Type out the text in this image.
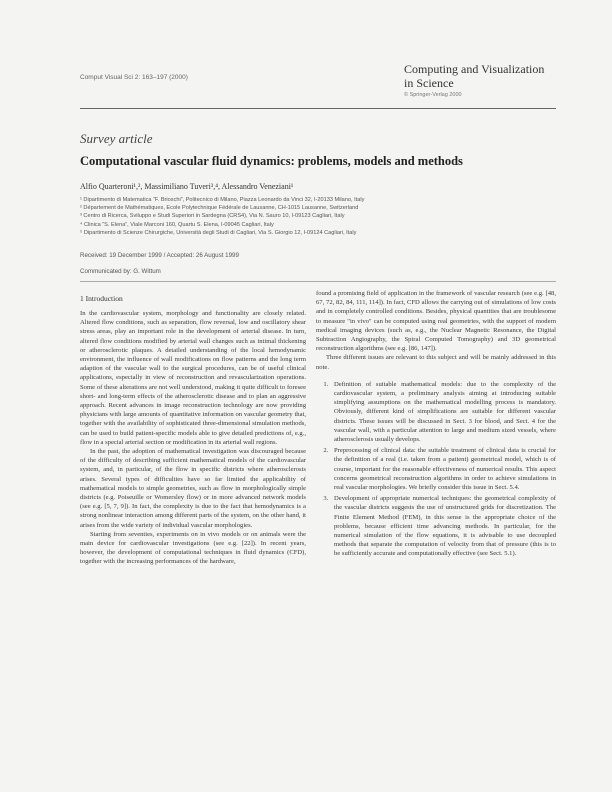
Comput Visual Sci 2: 163–197 (2000)
Computing and Visualization in Science
© Springer-Verlag 2000
Survey article
Computational vascular fluid dynamics: problems, models and methods
Alfio Quarteroni¹,², Massimiliano Tuveri³,⁴, Alessandro Veneziani¹
¹ Dipartimento di Matematica “F. Brioschi”, Politecnico di Milano, Piazza Leonardo da Vinci 32, I-20133 Milano, Italy
² Département de Mathématiques, Ecole Polytechnique Fédérale de Lausanne, CH-1015 Lausanne, Switzerland
³ Centro di Ricerca, Sviluppo e Studi Superiori in Sardegna (CRS4), Via N. Sauro 10, I-09123 Cagliari, Italy
⁴ Clinica “S. Elena”, Viale Marconi 160, Quartu S. Elena, I-09045 Cagliari, Italy
⁵ Dipartimento di Scienze Chirurgiche, Università degli Studi di Cagliari, Via S. Giorgio 12, I-09124 Cagliari, Italy
Received: 19 December 1999 / Accepted: 26 August 1999
Communicated by: G. Wittum
1 Introduction

In the cardiovascular system, morphology and functionality are closely related. Altered flow conditions, such as separation, flow reversal, low and oscillatory shear stress areas, play an important role in the development of arterial disease. In turn, altered flow conditions modified by arterial wall changes such as intimal thickening or atherosclerotic plaques. A detailed understanding of the local hemodynamic environment, the influence of wall modifications on flow patterns and the long term adaption of the vascular wall to the surgical procedures, can be of useful clinical applications, especially in view of reconstruction and revascularization operations. Some of these alterations are not well understood, making it quite difficult to foresee short- and long-term effects of the atherosclerotic disease and to plan an aggressive approach. Recent advances in image reconstruction technology are now providing physicians with large amounts of quantitative information on vascular geometry that, together with the availability of sophisticated three-dimensional simulation methods, can be used to build patient-specific models able to give detailed predictions of, e.g., flow in a special arterial section or modification in its arterial wall regions.

In the past, the adoption of mathematical investigation was discouraged because of the difficulty of describing sufficient mathematical models of the cardiovascular system, and, in particular, of the flow in specific districts where atherosclerosis arises. Several types of difficulties have so far limited the applicability of mathematical models to simple geometries, such as flow in morphologically simple districts (e.g. Poiseuille or Womersley flow) or in more advanced network models (see e.g. [5, 7, 9]). In fact, the complexity is due to the fact that hemodynamics is a strong nonlinear interaction among different parts of the system, on the other hand, it arises from the wide variety of individual vascular morphologies.

Starting from seventies, experiments on in vivo models or on animals were the main device for cardiovascular investigations (see e.g. [22]). In recent years, however, the development of computational techniques in fluid dynamics (CFD), together with the increasing performances of the hardware,

found a promising field of application in the framework of vascular research (see e.g. [48, 67, 72, 82, 84, 111, 114]). In fact, CFD allows the carrying out of simulations of low costs and in completely controlled conditions. Besides, physical quantities that are troublesome to measure "in vivo" can be computed using real geometries, with the support of modern medical imaging devices (such as, e.g., the Nuclear Magnetic Resonance, the Digital Subtraction Angiography, the Spiral Computed Tomography) and 3D geometrical reconstruction algorithms (see e.g. [86, 147]).

Three different issues are relevant to this subject and will be mainly addressed in this note.

1. Definition of suitable mathematical models: due to the complexity of the cardiovascular system, a preliminary analysis aiming at introducing suitable simplifying assumptions on the mathematical modelling process is mandatory. Obviously, different kind of simplifications are suitable for different vascular districts. These issues will be discussed in Sect. 3 for blood, and Sect. 4 for the vascular wall, with a particular attention to large and medium sized vessels, where atherosclerosis usually develops.
2. Preprocessing of clinical data: the suitable treatment of clinical data is crucial for the definition of a real (i.e. taken from a patient) geometrical model, which is of course, important for the reasonable effectiveness of numerical results. This aspect concerns geometrical reconstruction algorithms in order to achieve simulations in real vascular morphologies. We briefly consider this issue in Sect. 5.4.
3. Development of appropriate numerical techniques: the geometrical complexity of the vascular districts suggests the use of unstructured grids for discretization. The Finite Element Method (FEM), in this sense is the appropriate choice of the problems, because efficient time advancing methods. In particular, for the numerical simulation of the flow equations, it is advisable to use decoupled methods that separate the computation of velocity from that of pressure (this is to be sufficiently accurate and computationally effective (see Sect. 5.1).
